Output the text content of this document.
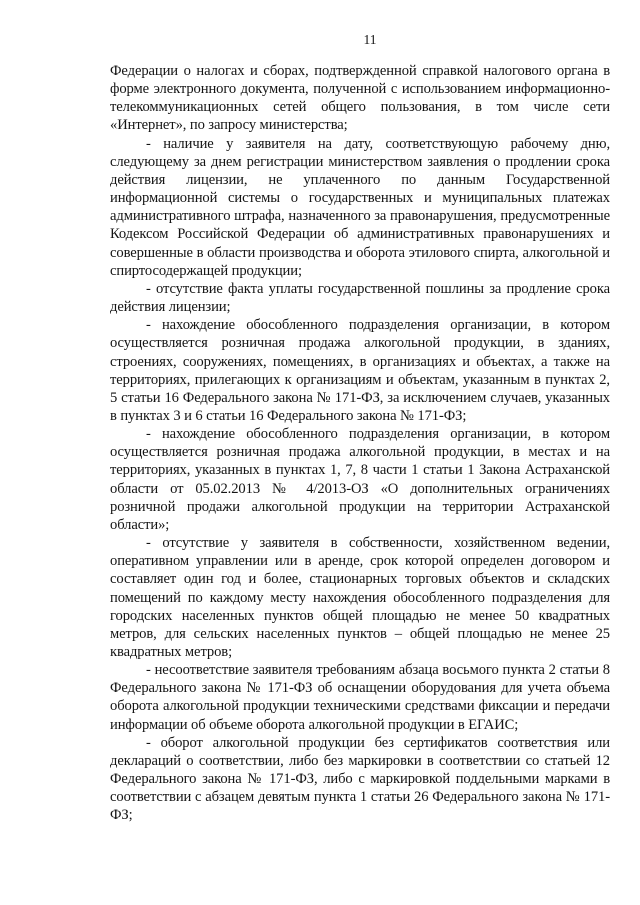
11

Федерации о налогах и сборах, подтвержденной справкой налогового органа в форме электронного документа, полученной с использованием информационно-телекоммуникационных сетей общего пользования, в том числе сети «Интернет», по запросу министерства;

- наличие у заявителя на дату, соответствующую рабочему дню, следующему за днем регистрации министерством заявления о продлении срока действия лицензии, не уплаченного по данным Государственной информационной системы о государственных и муниципальных платежах административного штрафа, назначенного за правонарушения, предусмотренные Кодексом Российской Федерации об административных правонарушениях и совершенные в области производства и оборота этилового спирта, алкогольной и спиртосодержащей продукции;

- отсутствие факта уплаты государственной пошлины за продление срока действия лицензии;

- нахождение обособленного подразделения организации, в котором осуществляется розничная продажа алкогольной продукции, в зданиях, строениях, сооружениях, помещениях, в организациях и объектах, а также на территориях, прилегающих к организациям и объектам, указанным в пунктах 2, 5 статьи 16 Федерального закона № 171-ФЗ, за исключением случаев, указанных в пунктах 3 и 6 статьи 16 Федерального закона № 171-ФЗ;

- нахождение обособленного подразделения организации, в котором осуществляется розничная продажа алкогольной продукции, в местах и на территориях, указанных в пунктах 1, 7, 8 части 1 статьи 1 Закона Астраханской области от 05.02.2013 № 4/2013-ОЗ «О дополнительных ограничениях розничной продажи алкогольной продукции на территории Астраханской области»;

- отсутствие у заявителя в собственности, хозяйственном ведении, оперативном управлении или в аренде, срок которой определен договором и составляет один год и более, стационарных торговых объектов и складских помещений по каждому месту нахождения обособленного подразделения для городских населенных пунктов общей площадью не менее 50 квадратных метров, для сельских населенных пунктов – общей площадью не менее 25 квадратных метров;

- несоответствие заявителя требованиям абзаца восьмого пункта 2 статьи 8 Федерального закона № 171-ФЗ об оснащении оборудования для учета объема оборота алкогольной продукции техническими средствами фиксации и передачи информации об объеме оборота алкогольной продукции в ЕГАИС;

- оборот алкогольной продукции без сертификатов соответствия или деклараций о соответствии, либо без маркировки в соответствии со статьей 12 Федерального закона № 171-ФЗ, либо с маркировкой поддельными марками в соответствии с абзацем девятым пункта 1 статьи 26 Федерального закона № 171-ФЗ;
